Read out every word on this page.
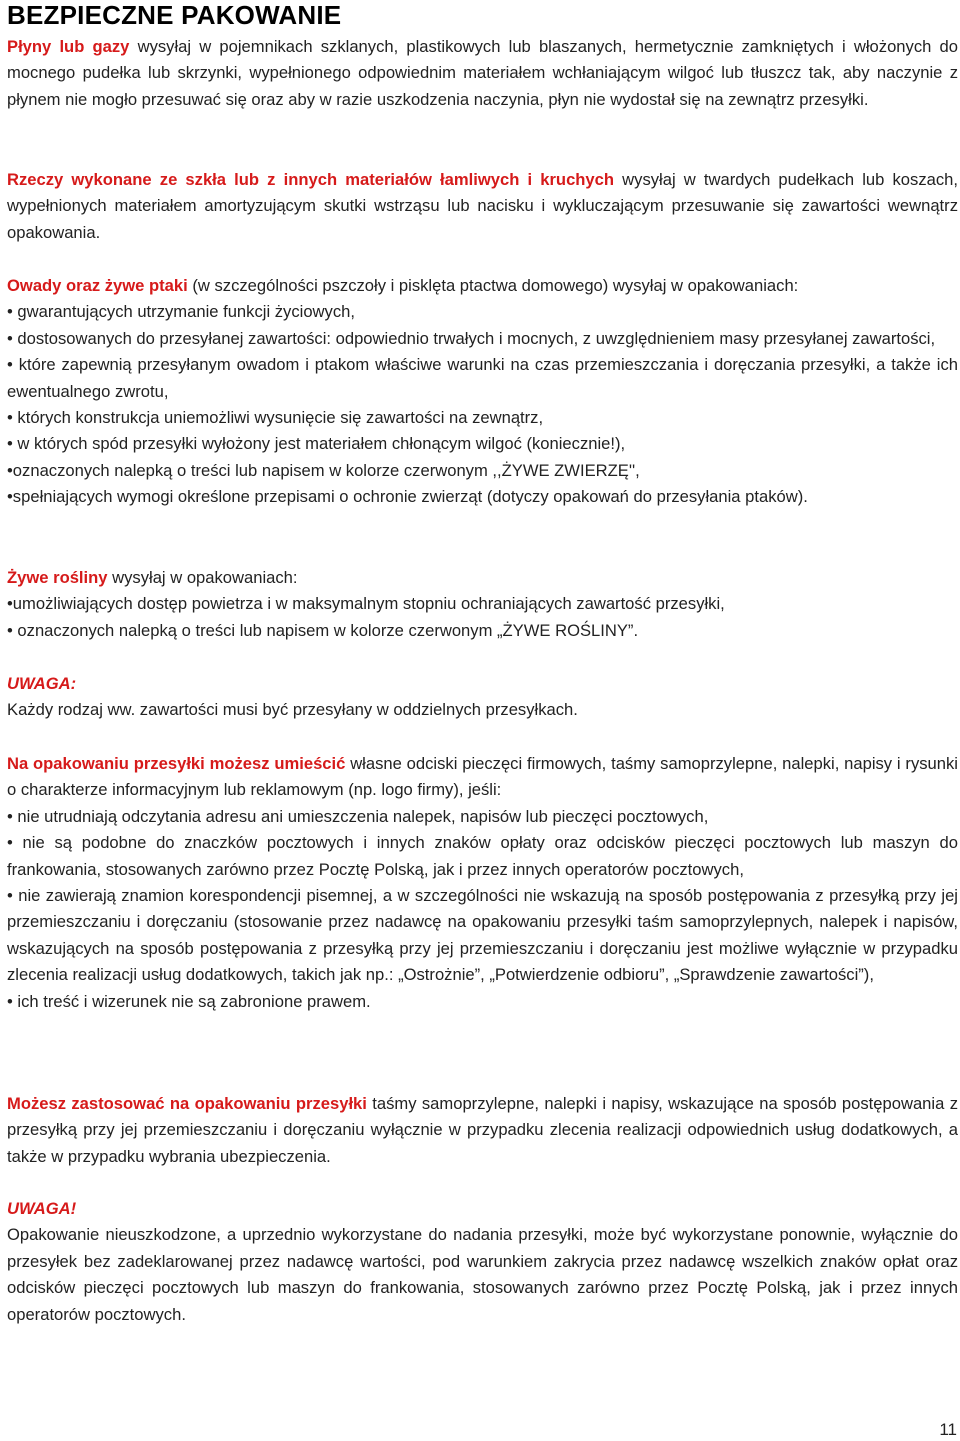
BEZPIECZNE PAKOWANIE
Płyny lub gazy wysyłaj w pojemnikach szklanych, plastikowych lub blaszanych, hermetycznie zamkniętych i włożonych do mocnego pudełka lub skrzynki, wypełnionego odpowiednim materiałem wchłaniającym wilgoć lub tłuszcz tak, aby naczynie z płynem nie mogło przesuwać się oraz aby w razie uszkodzenia naczynia, płyn nie wydostał się na zewnątrz przesyłki.
Rzeczy wykonane ze szkła lub z innych materiałów łamliwych i kruchych wysyłaj w twardych pudełkach lub koszach, wypełnionych materiałem amortyzującym skutki wstrząsu lub nacisku i wykluczającym przesuwanie się zawartości wewnątrz opakowania.
Owady oraz żywe ptaki (w szczególności pszczoły i pisklęta ptactwa domowego) wysyłaj w opakowaniach:
• gwarantujących utrzymanie funkcji życiowych,
• dostosowanych do przesyłanej zawartości: odpowiednio trwałych i mocnych, z uwzględnieniem masy przesyłanej zawartości,
• które zapewnią przesyłanym owadom i ptakom właściwe warunki na czas przemieszczania i doręczania przesyłki, a także ich ewentualnego zwrotu,
• których konstrukcja uniemożliwi wysunięcie się zawartości na zewnątrz,
• w których spód przesyłki wyłożony jest materiałem chłonącym wilgoć (koniecznie!),
•oznaczonych nalepką o treści lub napisem w kolorze czerwonym ,,ŻYWE ZWIERZĘ'',
•spełniających wymogi określone przepisami o ochronie zwierząt (dotyczy opakowań do przesyłania ptaków).
Żywe rośliny wysyłaj w opakowaniach:
•umożliwiających dostęp powietrza i w maksymalnym stopniu ochraniających zawartość przesyłki,
• oznaczonych nalepką o treści lub napisem w kolorze czerwonym „ŻYWE ROŚLINY”.
UWAGA:
Każdy rodzaj ww. zawartości musi być przesyłany w oddzielnych przesyłkach.
Na opakowaniu przesyłki możesz umieścić własne odciski pieczęci firmowych, taśmy samoprzylepne, nalepki, napisy i rysunki o charakterze informacyjnym lub reklamowym (np. logo firmy), jeśli:
• nie utrudniają odczytania adresu ani umieszczenia nalepek, napisów lub pieczęci pocztowych,
• nie są podobne do znaczków pocztowych i innych znaków opłaty oraz odcisków pieczęci pocztowych lub maszyn do frankowania, stosowanych zarówno przez Pocztę Polską, jak i przez innych operatorów pocztowych,
• nie zawierają znamion korespondencji pisemnej, a w szczególności nie wskazują na sposób postępowania z przesyłką przy jej przemieszczaniu i doręczaniu (stosowanie przez nadawcę na opakowaniu przesyłki taśm samoprzylepnych, nalepek i napisów, wskazujących na sposób postępowania z przesyłką przy jej przemieszczaniu i doręczaniu jest możliwe wyłącznie w przypadku zlecenia realizacji usług dodatkowych, takich jak np.: „Ostrożnie”, „Potwierdzenie odbioru”, „Sprawdzenie zawartości”),
• ich treść i wizerunek nie są zabronione prawem.
Możesz zastosować na opakowaniu przesyłki taśmy samoprzylepne, nalepki i napisy, wskazujące na sposób postępowania z przesyłką przy jej przemieszczaniu i doręczaniu wyłącznie w przypadku zlecenia realizacji odpowiednich usług dodatkowych, a także w przypadku wybrania ubezpieczenia.
UWAGA!
Opakowanie nieuszkodzone, a uprzednio wykorzystane do nadania przesyłki, może być wykorzystane ponownie, wyłącznie do przesyłek bez zadeklarowanej przez nadawcę wartości, pod warunkiem zakrycia przez nadawcę wszelkich znaków opłat oraz odcisków pieczęci pocztowych lub maszyn do frankowania, stosowanych zarówno przez Pocztę Polską, jak i przez innych operatorów pocztowych.
11
